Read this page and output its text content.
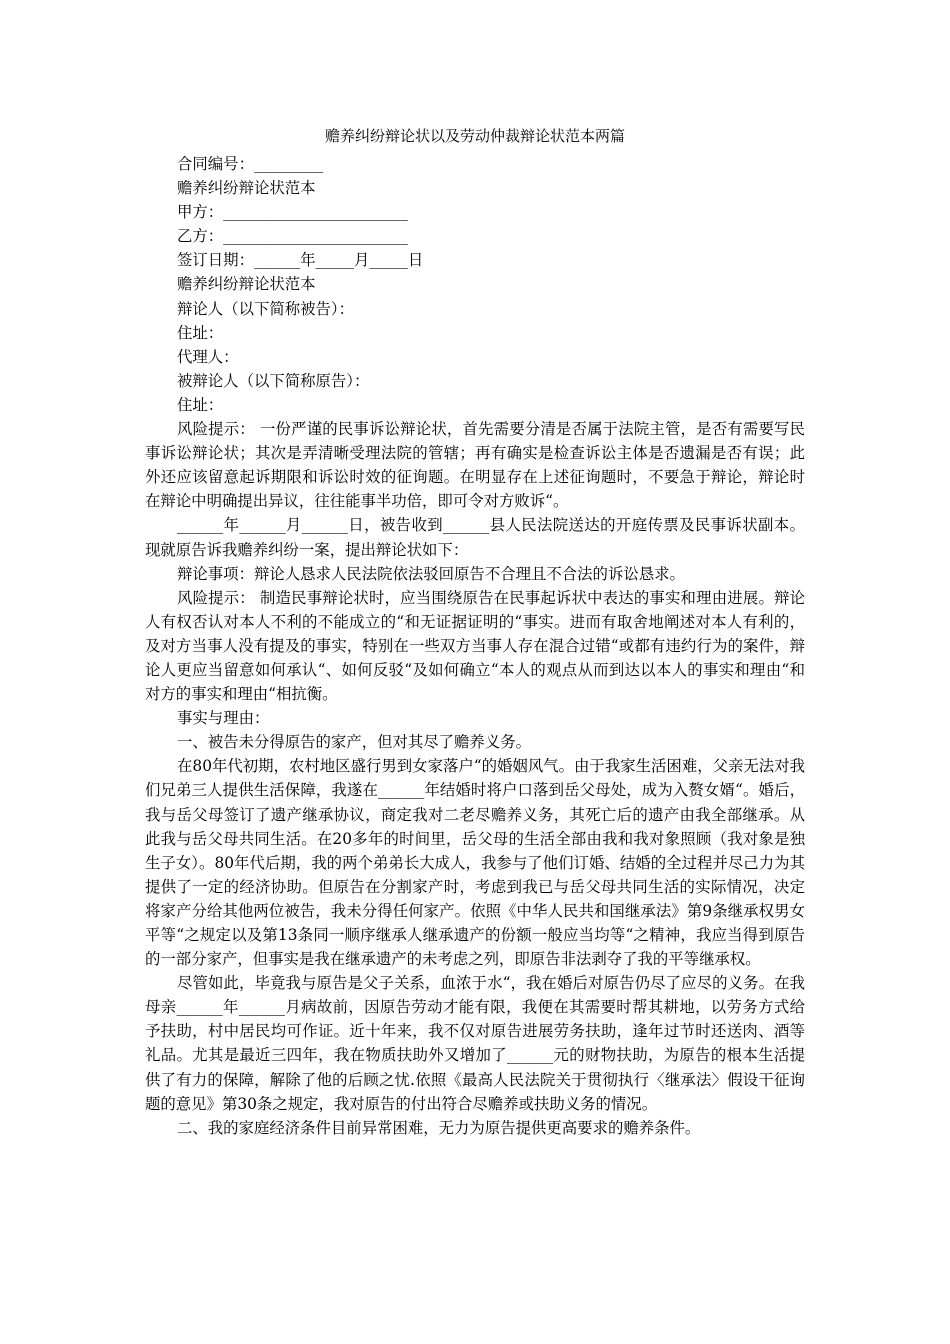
赡养纠纷辩论状以及劳动仲裁辩论状范本两篇
合同编号：_________
赡养纠纷辩论状范本
甲方：________________________
乙方：________________________
签订日期：______年_____月_____日
赡养纠纷辩论状范本
辩论人（以下简称被告）：
住址：
代理人：
被辩论人（以下简称原告）：
住址：

风险提示： 一份严谨的民事诉讼辩论状，首先需要分清是否属于法院主管，是否有需要写民事诉讼辩论状；其次是弄清晰受理法院的管辖；再有确实是检查诉讼主体是否遗漏是否有误；此外还应该留意起诉期限和诉讼时效的征询题。在明显存在上述征询题时，不要急于辩论，辩论时在辩论中明确提出异议，往往能事半功倍，即可令对方败诉“。

______年______月______日，被告收到______县人民法院送达的开庭传票及民事诉状副本。现就原告诉我赡养纠纷一案，提出辩论状如下：

辩论事项：辩论人恳求人民法院依法驳回原告不合理且不合法的诉讼恳求。

风险提示： 制造民事辩论状时，应当围绕原告在民事起诉状中表达的事实和理由进展。辩论人有权否认对本人不利的不能成立的“和无证据证明的“事实。进而有取舍地阐述对本人有利的，及对方当事人没有提及的事实，特别在一些双方当事人存在混合过错“或都有违约行为的案件，辩论人更应当留意如何承认“、如何反驳“及如何确立“本人的观点从而到达以本人的事实和理由“和对方的事实和理由“相抗衡。

事实与理由：

一、被告未分得原告的家产，但对其尽了赡养义务。

在80年代初期，农村地区盛行男到女家落户“的婚姻风气。由于我家生活困难，父亲无法对我们兄弟三人提供生活保障，我遂在______年结婚时将户口落到岳父母处，成为入赘女婿“。婚后，我与岳父母签订了遗产继承协议，商定我对二老尽赡养义务，其死亡后的遗产由我全部继承。从此我与岳父母共同生活。在20多年的时间里，岳父母的生活全部由我和我对象照顾（我对象是独生子女）。80年代后期，我的两个弟弟长大成人，我参与了他们订婚、结婚的全过程并尽己力为其提供了一定的经济协助。但原告在分割家产时，考虑到我已与岳父母共同生活的实际情况，决定将家产分给其他两位被告，我未分得任何家产。依照《中华人民共和国继承法》第9条继承权男女平等“之规定以及第13条同一顺序继承人继承遗产的份额一般应当均等“之精神，我应当得到原告的一部分家产，但事实是我在继承遗产的未考虑之列，即原告非法剥夺了我的平等继承权。

尽管如此，毕竟我与原告是父子关系，血浓于水“，我在婚后对原告仍尽了应尽的义务。在我母亲______年______月病故前，因原告劳动才能有限，我便在其需要时帮其耕地，以劳务方式给予扶助，村中居民均可作证。近十年来，我不仅对原告进展劳务扶助，逢年过节时还送肉、酒等礼品。尤其是最近三四年，我在物质扶助外又增加了______元的财物扶助，为原告的根本生活提供了有力的保障，解除了他的后顾之忧.依照《最高人民法院关于贯彻执行〈继承法〉假设干征询题的意见》第30条之规定，我对原告的付出符合尽赡养或扶助义务的情况。

二、我的家庭经济条件目前异常困难，无力为原告提供更高要求的赡养条件。
